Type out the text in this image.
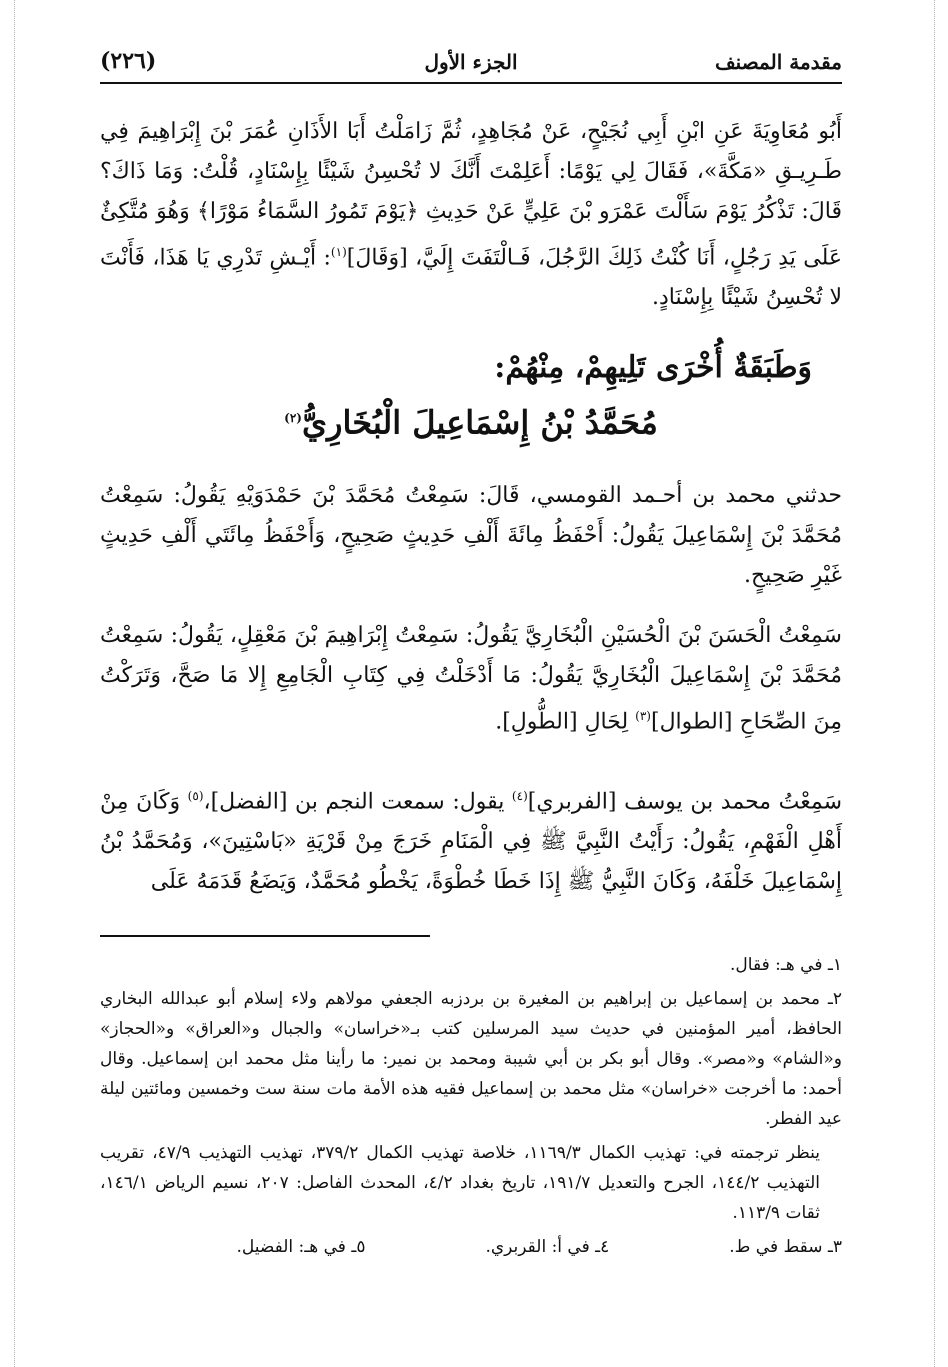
مقدمة المصنف
الجزء الأول
(٢٢٦)
أَبُو مُعَاوِيَةَ عَنِ ابْنِ أَبِي نُجَيْحٍ، عَنْ مُجَاهِدٍ، ثُمَّ زَامَلْتُ أَبَا الأَذَانِ عُمَرَ بْنَ إِبْرَاهِيمَ فِي طَـرِيـقِ «مَكَّةَ»، فَقَالَ لِي يَوْمًا: أَعَلِمْتَ أَنَّكَ لا تُحْسِنُ شَيْئًا بِإِسْنَادٍ، قُلْتُ: وَمَا ذَاكَ؟ قَالَ: تَذْكُرُ يَوْمَ سَأَلْتَ عَمْرَو بْنَ عَلِيٍّ عَنْ حَدِيثِ ﴿يَوْمَ تَمُورُ السَّمَاءُ مَوْرًا﴾ وَهُوَ مُتَّكِئٌ عَلَى يَدِ رَجُلٍ، أَنَا كُنْتُ ذَلِكَ الرَّجُلَ، فَـالْتَفَتَ إِلَيَّ، [وَقَالَ]$^{(١)}$: أَيْـشِ تَدْرِي يَا هَذَا، فَأَنْتَ لا تُحْسِنُ شَيْئًا بِإِسْنَادٍ.
وَطَبَقَةٌ أُخْرَى تَلِيهِمْ، مِنْهُمْ:
مُحَمَّدُ بْنُ إِسْمَاعِيلَ الْبُخَارِيُّ$^{(٢)}$
حدثني محمد بن أحـمد القومسي، قَالَ: سَمِعْتُ مُحَمَّدَ بْنَ حَمْدَوَيْهِ يَقُولُ: سَمِعْتُ مُحَمَّدَ بْنَ إِسْمَاعِيلَ يَقُولُ: أَحْفَظُ مِائَةَ أَلْفِ حَدِيثٍ صَحِيحٍ، وَأَحْفَظُ مِائَتَي أَلْفِ حَدِيثٍ غَيْرِ صَحِيحٍ.
سَمِعْتُ الْحَسَنَ بْنَ الْحُسَيْنِ الْبُخَارِيَّ يَقُولُ: سَمِعْتُ إِبْرَاهِيمَ بْنَ مَعْقِلٍ، يَقُولُ: سَمِعْتُ مُحَمَّدَ بْنَ إِسْمَاعِيلَ الْبُخَارِيَّ يَقُولُ: مَا أَدْخَلْتُ فِي كِتَابِ الْجَامِعِ إِلا مَا صَحَّ، وَتَرَكْتُ مِنَ الصِّحَاحِ [الطوال]$^{(٣)}$ لِحَالِ [الطُّولِ].
سَمِعْتُ محمد بن يوسف [الفربري]$^{(٤)}$ يقول: سمعت النجم بن [الفضل]،$^{(٥)}$ وَكَانَ مِنْ أَهْلِ الْفَهْمِ، يَقُولُ: رَأَيْتُ النَّبِيَّ ﷺ فِي الْمَنَامِ خَرَجَ مِنْ قَرْيَةِ «بَاسْتِينَ»، وَمُحَمَّدُ بْنُ إِسْمَاعِيلَ خَلْفَهُ، وَكَانَ النَّبِيُّ ﷺ إِذَا خَطَا خُطْوَةً، يَخْطُو مُحَمَّدٌ، وَيَضَعُ قَدَمَهُ عَلَى

١ـ في هـ: فقال.

٢ـ محمد بن إسماعيل بن إبراهيم بن المغيرة بن بردزبه الجعفي مولاهم ولاء إسلام أبو عبدالله البخاري الحافظ، أمير المؤمنين في حديث سيد المرسلين كتب بـ«خراسان» والجبال و«العراق» و«الحجاز» و«الشام» و«مصر». وقال أبو بكر بن أبي شيبة ومحمد بن نمير: ما رأينا مثل محمد ابن إسماعيل. وقال أحمد: ما أخرجت «خراسان» مثل محمد بن إسماعيل فقيه هذه الأمة مات سنة ست وخمسين ومائتين ليلة عيد الفطر.

ينظر ترجمته في: تهذيب الكمال ١١٦٩/٣، خلاصة تهذيب الكمال ٣٧٩/٢، تهذيب التهذيب ٤٧/٩، تقريب التهذيب ١٤٤/٢، الجرح والتعديل ١٩١/٧، تاريخ بغداد ٤/٢، المحدث الفاصل: ٢٠٧، نسيم الرياض ١٤٦/١، ثقات ١١٣/٩.

٣ـ سقط في ط.
٤ـ في أ: القربري.
٥ـ في هـ: الفضيل.
